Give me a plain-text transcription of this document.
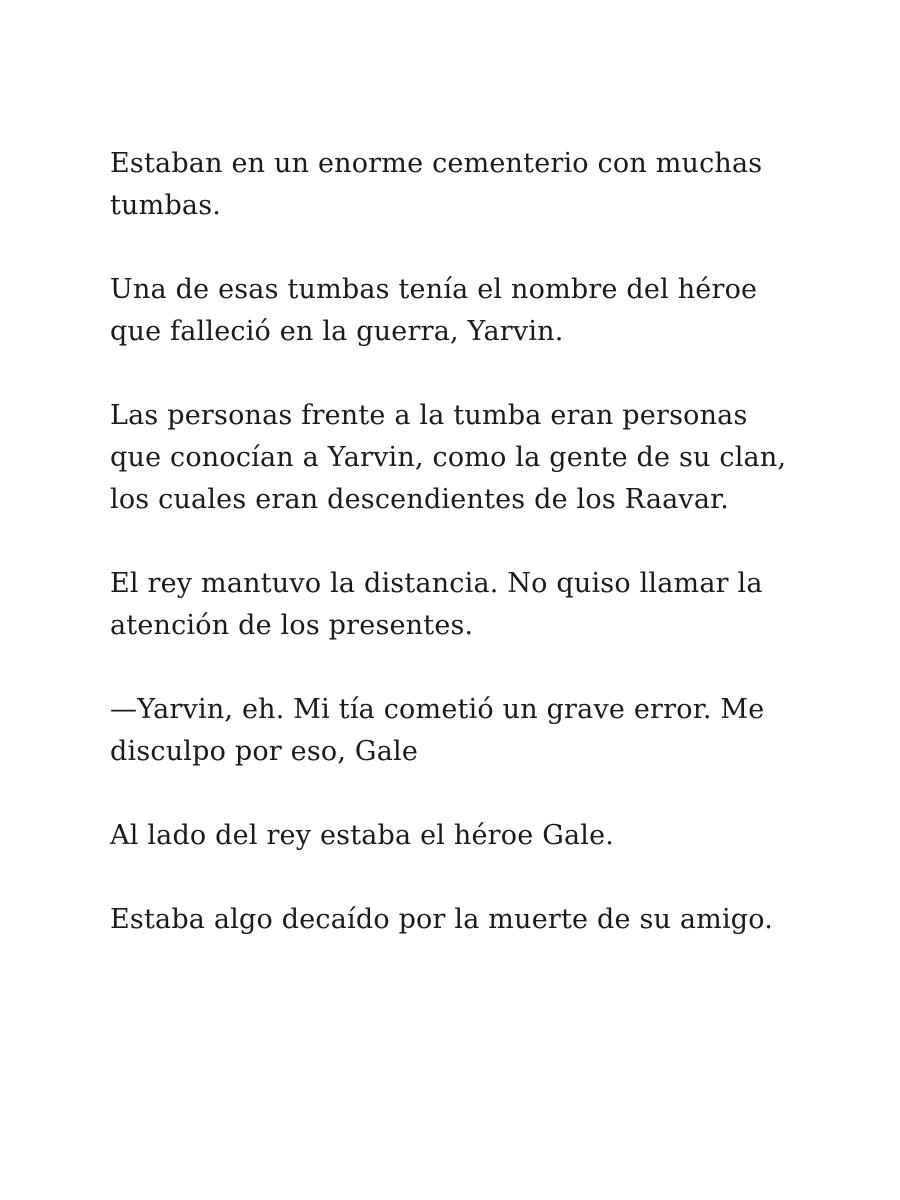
Estaban en un enorme cementerio con muchas
tumbas.

Una de esas tumbas tenía el nombre del héroe
que falleció en la guerra, Yarvin.

Las personas frente a la tumba eran personas
que conocían a Yarvin, como la gente de su clan,
los cuales eran descendientes de los Raavar.

El rey mantuvo la distancia. No quiso llamar la
atención de los presentes.

—Yarvin, eh. Mi tía cometió un grave error. Me
disculpo por eso, Gale

Al lado del rey estaba el héroe Gale.

Estaba algo decaído por la muerte de su amigo.
